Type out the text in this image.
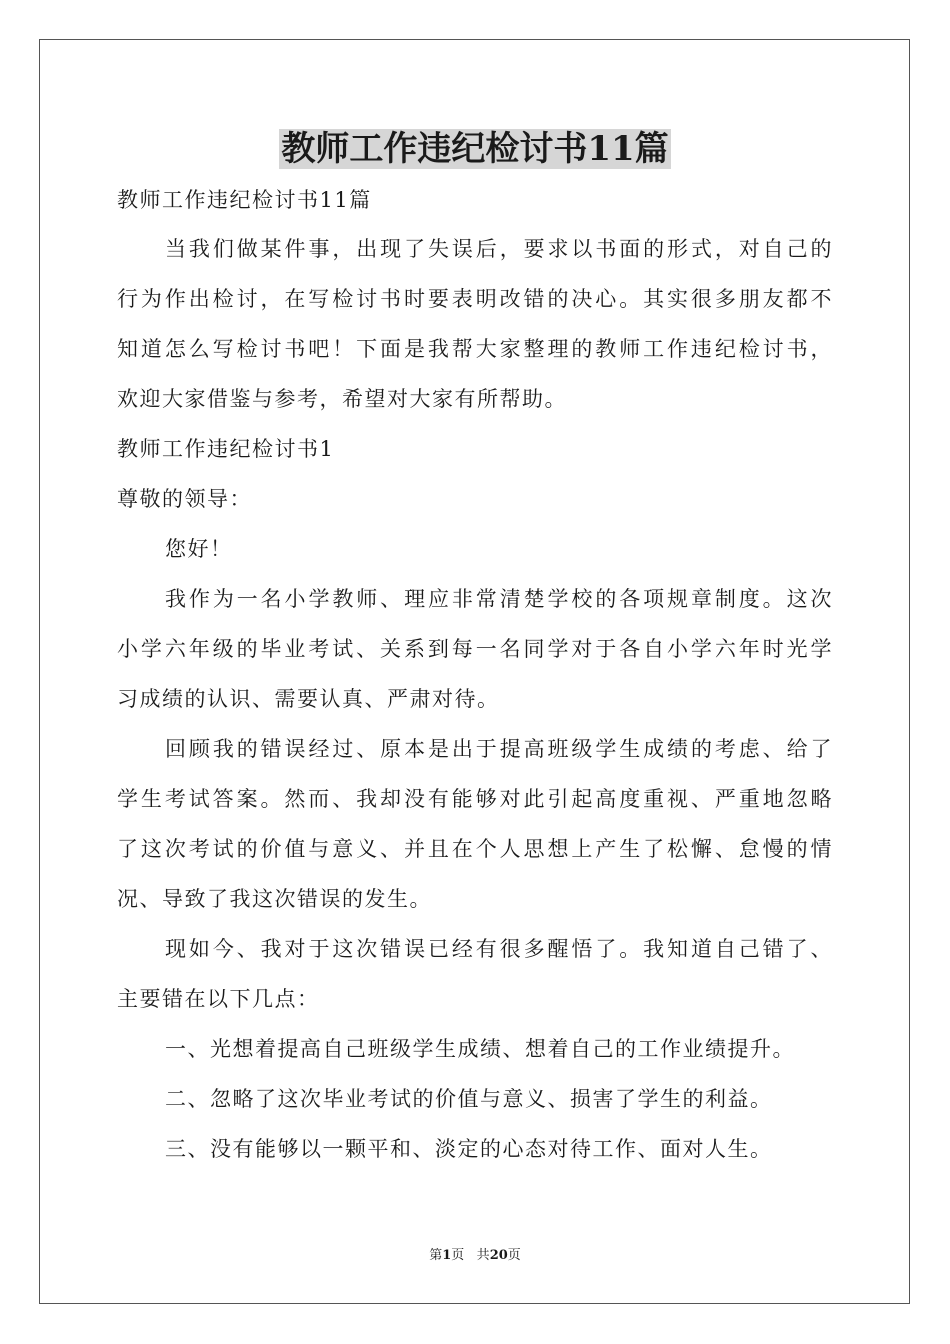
教师工作违纪检讨书11篇

教师工作违纪检讨书11篇

当我们做某件事，出现了失误后，要求以书面的形式，对自己的

行为作出检讨，在写检讨书时要表明改错的决心。其实很多朋友都不

知道怎么写检讨书吧！下面是我帮大家整理的教师工作违纪检讨书，

欢迎大家借鉴与参考，希望对大家有所帮助。

教师工作违纪检讨书1

尊敬的领导：

您好！

我作为一名小学教师、理应非常清楚学校的各项规章制度。这次

小学六年级的毕业考试、关系到每一名同学对于各自小学六年时光学

习成绩的认识、需要认真、严肃对待。

回顾我的错误经过、原本是出于提高班级学生成绩的考虑、给了

学生考试答案。然而、我却没有能够对此引起高度重视、严重地忽略

了这次考试的价值与意义、并且在个人思想上产生了松懈、怠慢的情

况、导致了我这次错误的发生。

现如今、我对于这次错误已经有很多醒悟了。我知道自己错了、

主要错在以下几点：

一、光想着提高自己班级学生成绩、想着自己的工作业绩提升。

二、忽略了这次毕业考试的价值与意义、损害了学生的利益。

三、没有能够以一颗平和、淡定的心态对待工作、面对人生。

第1页 共20页
